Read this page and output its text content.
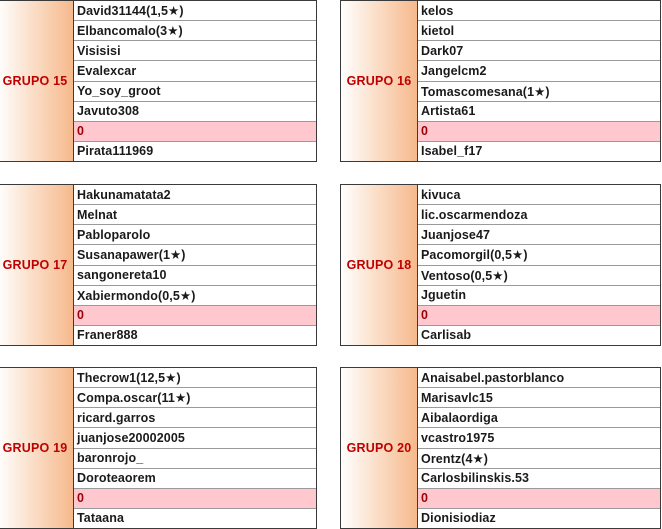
GRUPO 15
David31144(1,5★)
Elbancomalo(3★)
Visisisi
Evalexcar
Yo_soy_groot
Javuto308
0
Pirata111969
GRUPO 16
kelos
kietol
Dark07
Jangelcm2
Tomascomesana(1★)
Artista61
0
Isabel_f17
GRUPO 17
Hakunamatata2
Melnat
Pabloparolo
Susanapawer(1★)
sangonereta10
Xabiermondo(0,5★)
0
Franer888
GRUPO 18
kivuca
lic.oscarmendoza
Juanjose47
Pacomorgil(0,5★)
Ventoso(0,5★)
Jguetin
0
Carlisab
GRUPO 19
Thecrow1(12,5★)
Compa.oscar(11★)
ricard.garros
juanjose20002005
baronrojo_
Doroteaorem
0
Tataana
GRUPO 20
Anaisabel.pastorblanco
Marisavlc15
Aibalaordiga
vcastro1975
Orentz(4★)
Carlosbilinskis.53
0
Dionisiodiaz
